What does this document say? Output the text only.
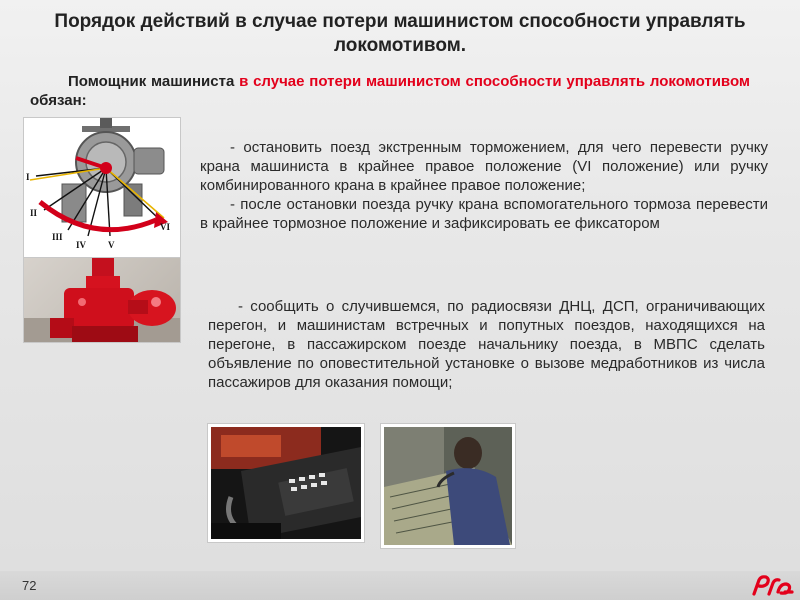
Порядок действий в случае потери машинистом способности управлять локомотивом.
Помощник машиниста в случае потери машинистом способности управлять локомотивом обязан:
I
II
III
IV V
VI

- остановить поезд экстренным торможением, для чего перевести ручку крана машиниста в крайнее правое положение (VI положение) или ручку комбинированного крана в крайнее правое положение;

- после остановки поезда ручку крана вспомогательного тормоза перевести в крайнее тормозное положение и зафиксировать ее фиксатором

- сообщить о случившемся, по радиосвязи ДНЦ, ДСП, ограничивающих перегон, и машинистам встречных и попутных поездов, находящихся на перегоне, в пассажирском поезде начальнику поезда, в МВПС сделать объявление по оповестительной установке о вызове медработников из числа пассажиров для оказания помощи;

72
